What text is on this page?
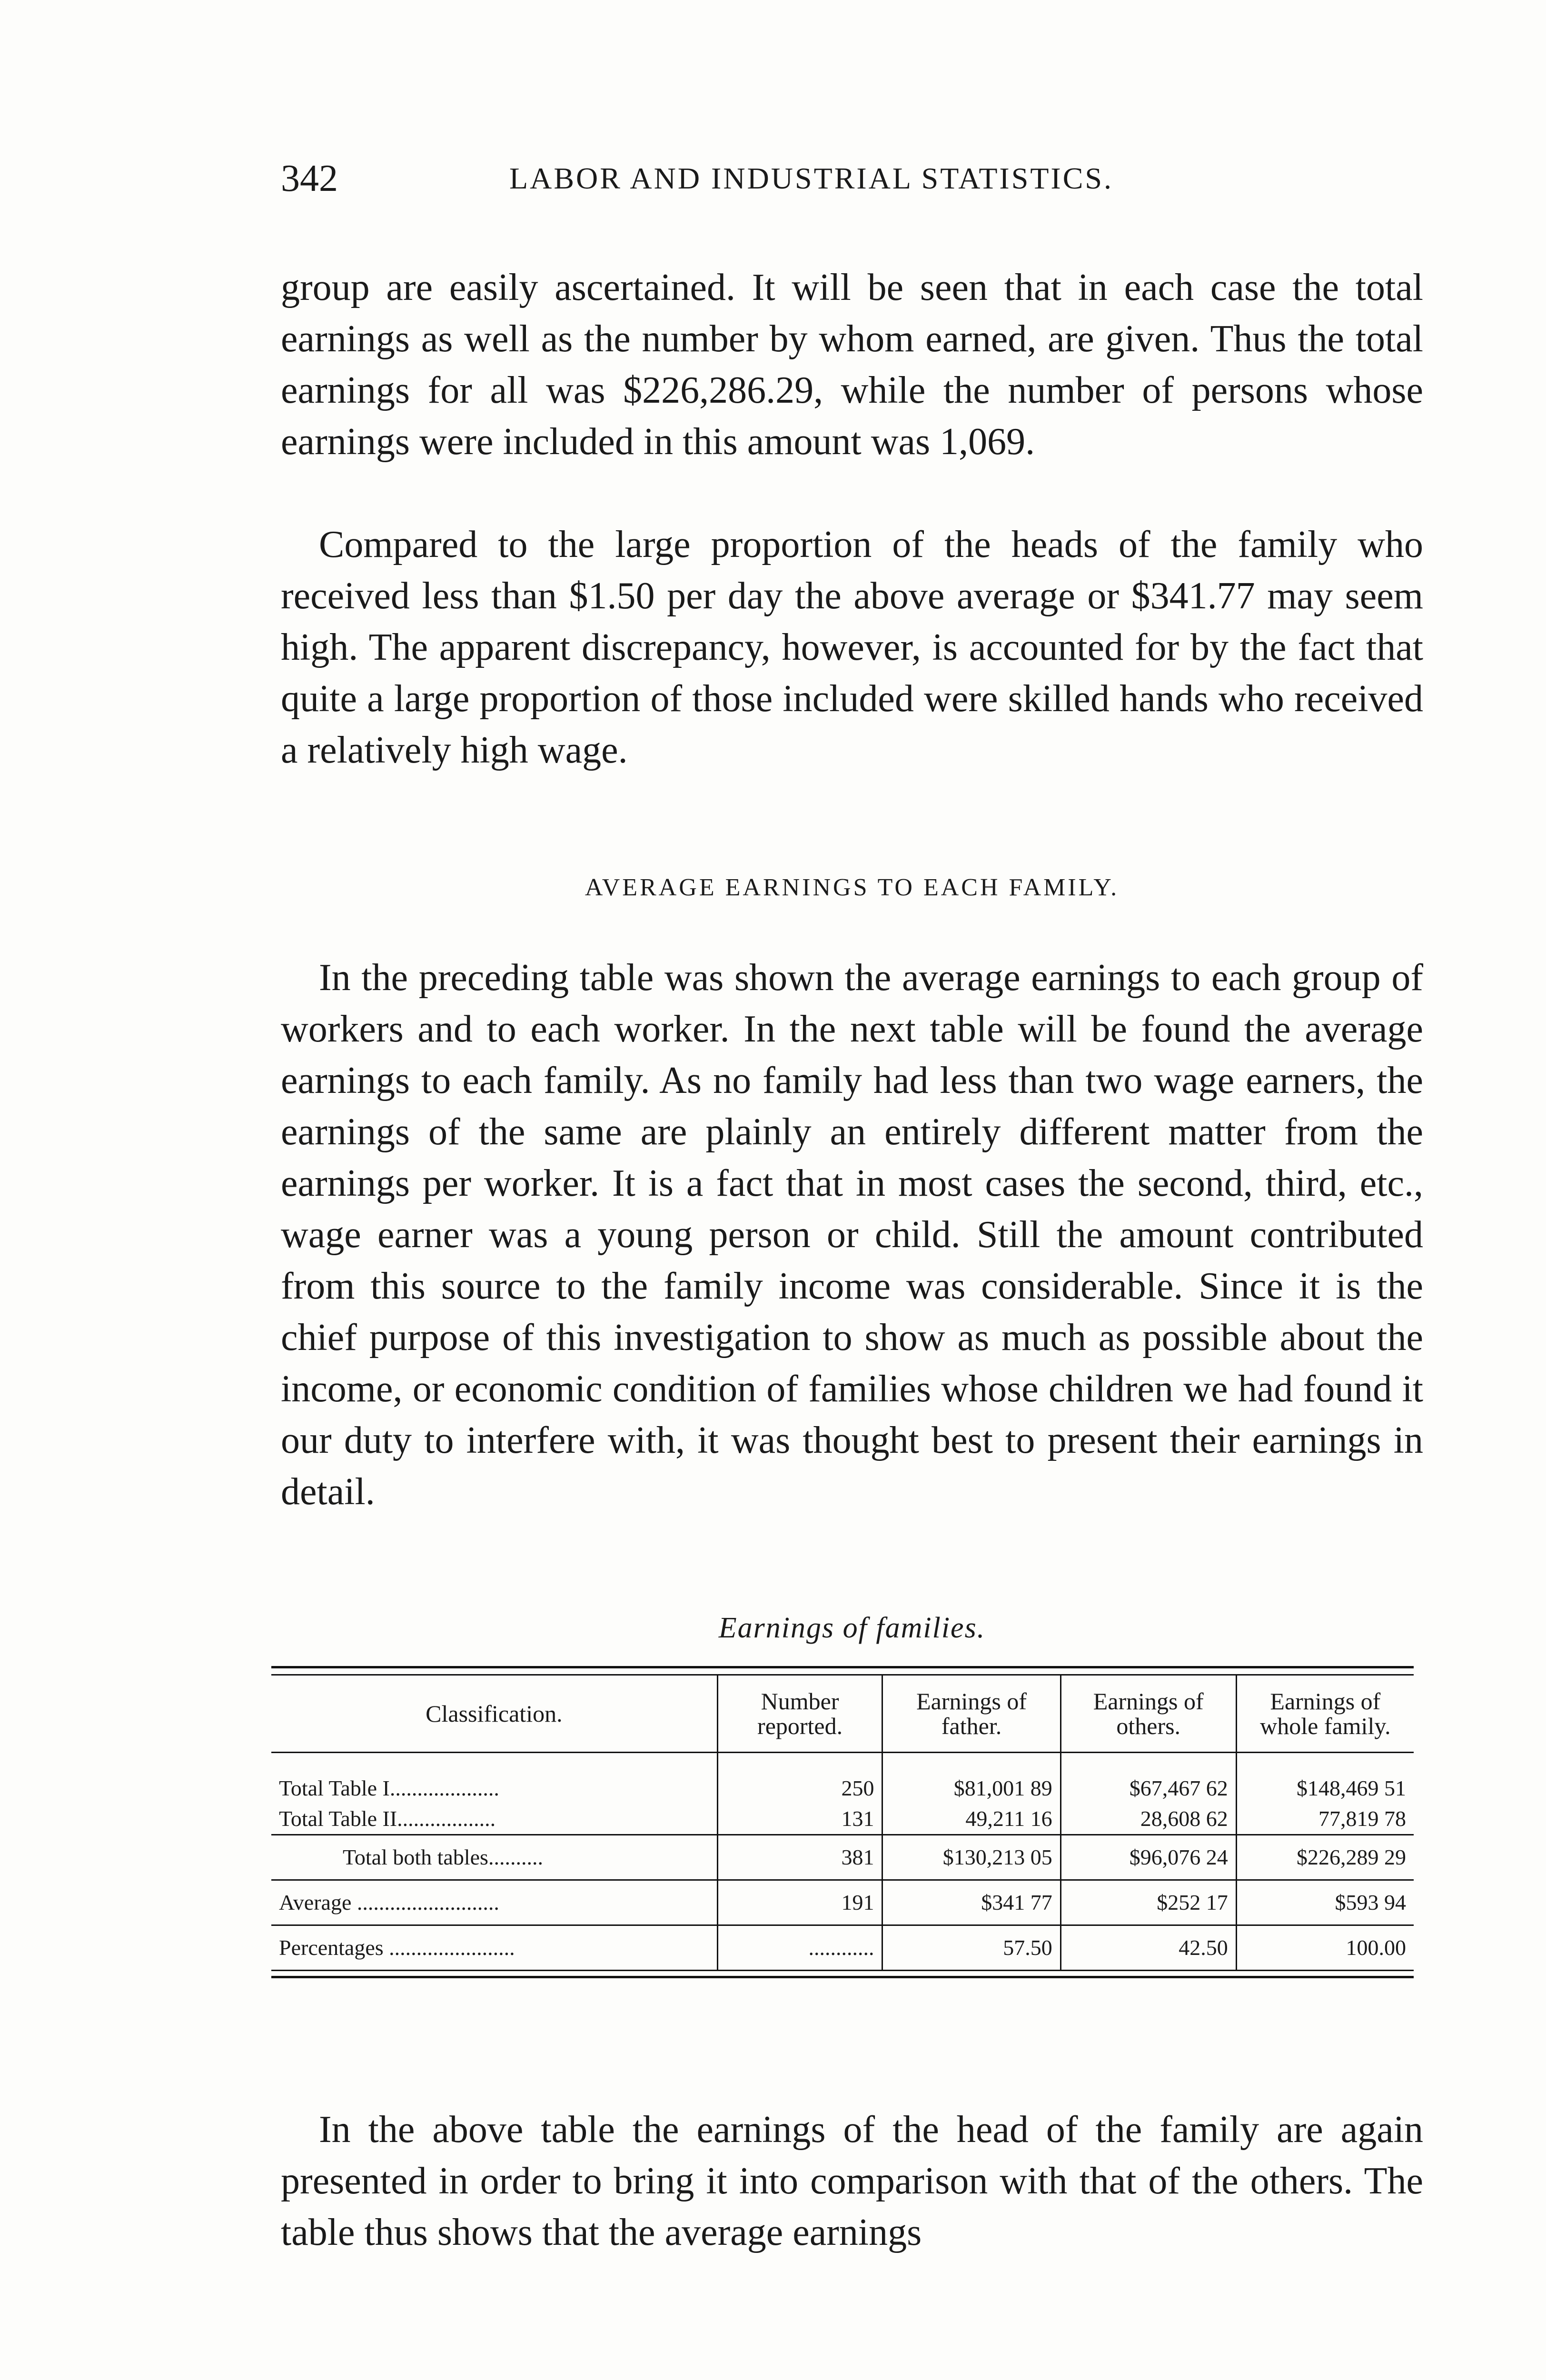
342	LABOR AND INDUSTRIAL STATISTICS.

group are easily ascertained. It will be seen that in each case the total earnings as well as the number by whom earned, are given. Thus the total earnings for all was $226,286.29, while the number of persons whose earnings were included in this amount was 1,069.

Compared to the large proportion of the heads of the family who received less than $1.50 per day the above average or $341.77 may seem high. The apparent discrepancy, however, is accounted for by the fact that quite a large proportion of those included were skilled hands who received a relatively high wage.

AVERAGE EARNINGS TO EACH FAMILY.

In the preceding table was shown the average earnings to each group of workers and to each worker. In the next table will be found the average earnings to each family. As no family had less than two wage earners, the earnings of the same are plainly an entirely different matter from the earnings per worker. It is a fact that in most cases the second, third, etc., wage earner was a young person or child. Still the amount contributed from this source to the family income was considerable. Since it is the chief purpose of this investigation to show as much as possible about the income, or economic condition of families whose children we had found it our duty to interfere with, it was thought best to present their earnings in detail.

Earnings of families.
Classification.	Number reported.	Earnings of father.	Earnings of others.	Earnings of whole family.
Total Table I....................	250	$81,001 89	$67,467 62	$148,469 51
Total Table II..................	131	49,211 16	28,608 62	77,819 78
Total both tables..........	381	$130,213 05	$96,076 24	$226,289 29
Average ..........................	191	$341 77	$252 17	$593 94
Percentages .......................	............	57.50	42.50	100.00

In the above table the earnings of the head of the family are again presented in order to bring it into comparison with that of the others. The table thus shows that the average earnings
